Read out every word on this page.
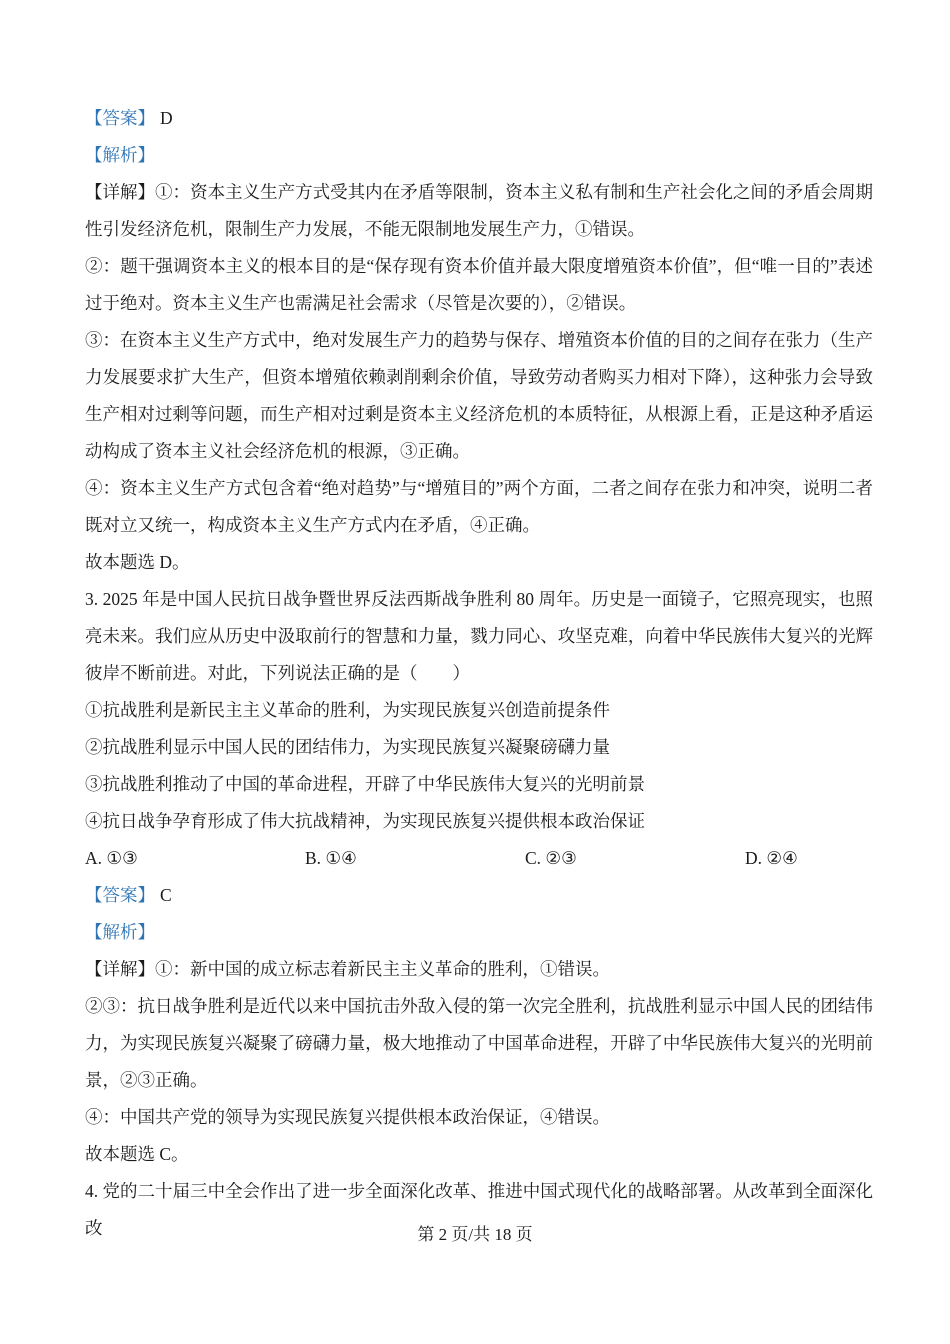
【答案】 D

【解析】

【详解】①：资本主义生产方式受其内在矛盾等限制，资本主义私有制和生产社会化之间的矛盾会周期性引发经济危机，限制生产力发展，不能无限制地发展生产力，①错误。

②：题干强调资本主义的根本目的是“保存现有资本价值并最大限度增殖资本价值”，但“唯一目的”表述过于绝对。资本主义生产也需满足社会需求（尽管是次要的），②错误。

③：在资本主义生产方式中，绝对发展生产力的趋势与保存、增殖资本价值的目的之间存在张力（生产力发展要求扩大生产，但资本增殖依赖剥削剩余价值，导致劳动者购买力相对下降），这种张力会导致生产相对过剩等问题，而生产相对过剩是资本主义经济危机的本质特征，从根源上看，正是这种矛盾运动构成了资本主义社会经济危机的根源，③正确。

④：资本主义生产方式包含着“绝对趋势”与“增殖目的”两个方面，二者之间存在张力和冲突，说明二者既对立又统一，构成资本主义生产方式内在矛盾，④正确。

故本题选 D。

3. 2025 年是中国人民抗日战争暨世界反法西斯战争胜利 80 周年。历史是一面镜子，它照亮现实，也照亮未来。我们应从历史中汲取前行的智慧和力量，戮力同心、攻坚克难，向着中华民族伟大复兴的光辉彼岸不断前进。对此，下列说法正确的是（　　）

①抗战胜利是新民主主义革命的胜利，为实现民族复兴创造前提条件

②抗战胜利显示中国人民的团结伟力，为实现民族复兴凝聚磅礴力量

③抗战胜利推动了中国的革命进程，开辟了中华民族伟大复兴的光明前景

④抗日战争孕育形成了伟大抗战精神，为实现民族复兴提供根本政治保证

A. ①③	B. ①④	C. ②③	D. ②④

【答案】 C

【解析】

【详解】①：新中国的成立标志着新民主主义革命的胜利，①错误。

②③：抗日战争胜利是近代以来中国抗击外敌入侵的第一次完全胜利，抗战胜利显示中国人民的团结伟力，为实现民族复兴凝聚了磅礴力量，极大地推动了中国革命进程，开辟了中华民族伟大复兴的光明前景，②③正确。

④：中国共产党的领导为实现民族复兴提供根本政治保证，④错误。

故本题选 C。

4. 党的二十届三中全会作出了进一步全面深化改革、推进中国式现代化的战略部署。从改革到全面深化改	第 2 页/共 18 页
